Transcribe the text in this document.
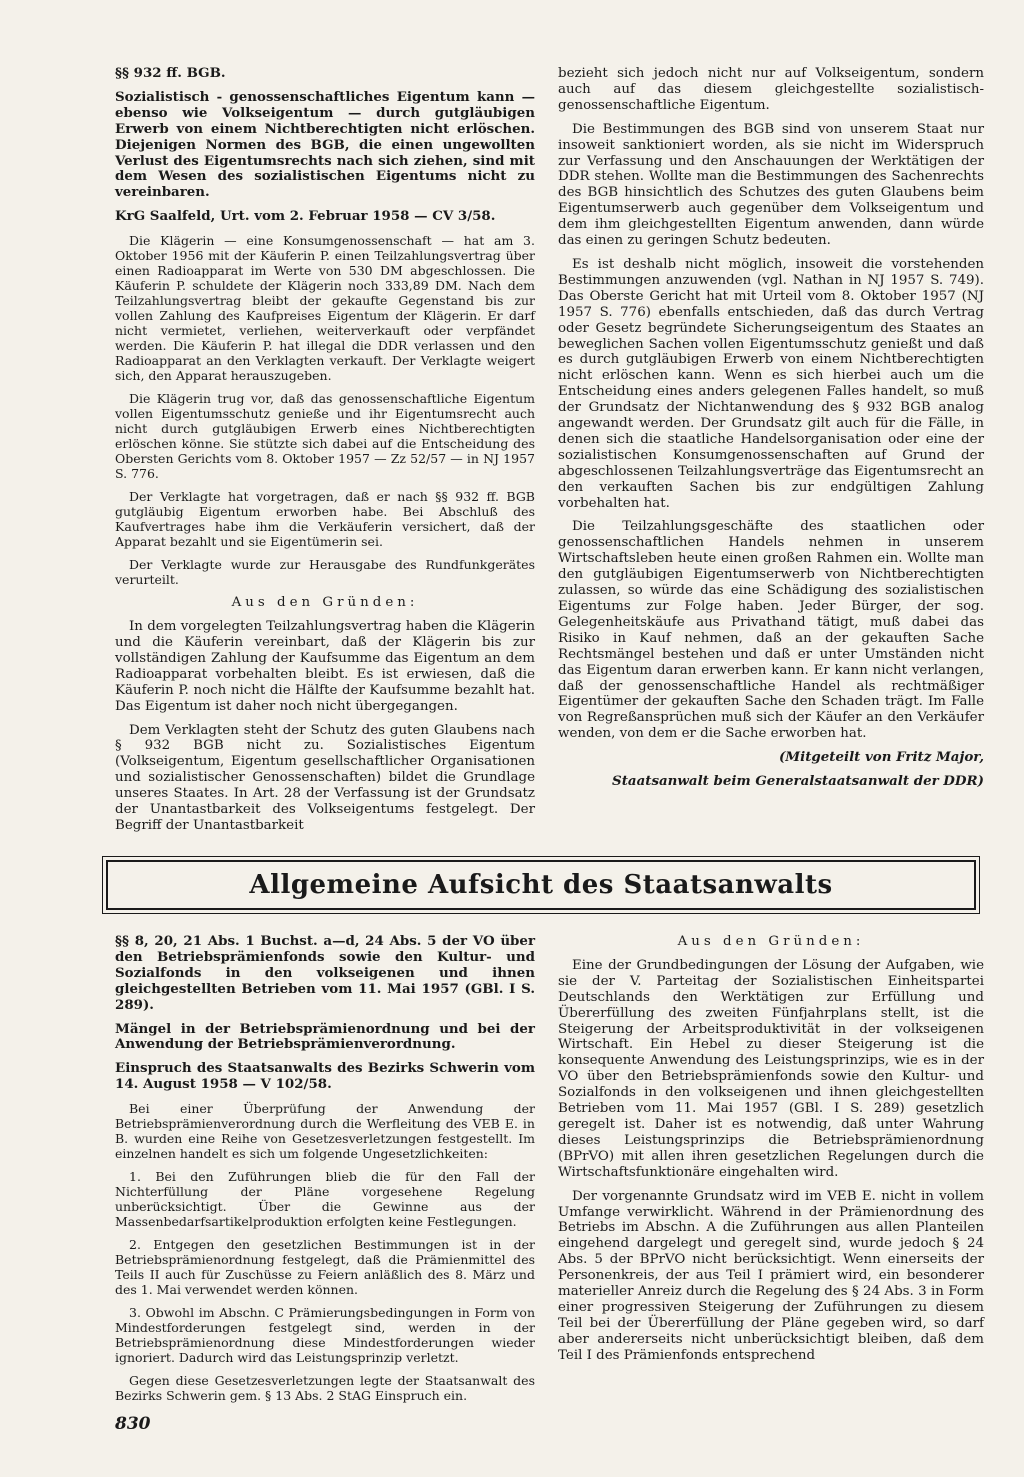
§§ 932 ff. BGB.

Sozialistisch - genossenschaftliches Eigentum kann — ebenso wie Volkseigentum — durch gutgläubigen Erwerb von einem Nichtberechtigten nicht erlöschen. Diejenigen Normen des BGB, die einen ungewollten Verlust des Eigentumsrechts nach sich ziehen, sind mit dem Wesen des sozialistischen Eigentums nicht zu vereinbaren.

KrG Saalfeld, Urt. vom 2. Februar 1958 — CV 3/58.

Die Klägerin — eine Konsumgenossenschaft — hat am 3. Oktober 1956 mit der Käuferin P. einen Teilzahlungsvertrag über einen Radioapparat im Werte von 530 DM abgeschlossen. Die Käuferin P. schuldete der Klägerin noch 333,89 DM. Nach dem Teilzahlungsvertrag bleibt der gekaufte Gegenstand bis zur vollen Zahlung des Kaufpreises Eigentum der Klägerin. Er darf nicht vermietet, verliehen, weiterverkauft oder verpfändet werden. Die Käuferin P. hat illegal die DDR verlassen und den Radioapparat an den Verklagten verkauft. Der Verklagte weigert sich, den Apparat herauszugeben.

Die Klägerin trug vor, daß das genossenschaftliche Eigentum vollen Eigentumsschutz genieße und ihr Eigentumsrecht auch nicht durch gutgläubigen Erwerb eines Nichtberechtigten erlöschen könne. Sie stützte sich dabei auf die Entscheidung des Obersten Gerichts vom 8. Oktober 1957 — Zz 52/57 — in NJ 1957 S. 776.

Der Verklagte hat vorgetragen, daß er nach §§ 932 ff. BGB gutgläubig Eigentum erworben habe. Bei Abschluß des Kaufvertrages habe ihm die Verkäuferin versichert, daß der Apparat bezahlt und sie Eigentümerin sei.

Der Verklagte wurde zur Herausgabe des Rundfunkgerätes verurteilt.

Aus den Gründen:

In dem vorgelegten Teilzahlungsvertrag haben die Klägerin und die Käuferin vereinbart, daß der Klägerin bis zur vollständigen Zahlung der Kaufsumme das Eigentum an dem Radioapparat vorbehalten bleibt. Es ist erwiesen, daß die Käuferin P. noch nicht die Hälfte der Kaufsumme bezahlt hat. Das Eigentum ist daher noch nicht übergegangen.

Dem Verklagten steht der Schutz des guten Glaubens nach § 932 BGB nicht zu. Sozialistisches Eigentum (Volkseigentum, Eigentum gesellschaftlicher Organisationen und sozialistischer Genossenschaften) bildet die Grundlage unseres Staates. In Art. 28 der Verfassung ist der Grundsatz der Unantastbarkeit des Volkseigentums festgelegt. Der Begriff der Unantastbarkeit

bezieht sich jedoch nicht nur auf Volkseigentum, sondern auch auf das diesem gleichgestellte sozialistisch-genossenschaftliche Eigentum.

Die Bestimmungen des BGB sind von unserem Staat nur insoweit sanktioniert worden, als sie nicht im Widerspruch zur Verfassung und den Anschauungen der Werktätigen der DDR stehen. Wollte man die Bestimmungen des Sachenrechts des BGB hinsichtlich des Schutzes des guten Glaubens beim Eigentumserwerb auch gegenüber dem Volkseigentum und dem ihm gleichgestellten Eigentum anwenden, dann würde das einen zu geringen Schutz bedeuten.

Es ist deshalb nicht möglich, insoweit die vorstehenden Bestimmungen anzuwenden (vgl. Nathan in NJ 1957 S. 749). Das Oberste Gericht hat mit Urteil vom 8. Oktober 1957 (NJ 1957 S. 776) ebenfalls entschieden, daß das durch Vertrag oder Gesetz begründete Sicherungseigentum des Staates an beweglichen Sachen vollen Eigentumsschutz genießt und daß es durch gutgläubigen Erwerb von einem Nichtberechtigten nicht erlöschen kann. Wenn es sich hierbei auch um die Entscheidung eines anders gelegenen Falles handelt, so muß der Grundsatz der Nichtanwendung des § 932 BGB analog angewandt werden. Der Grundsatz gilt auch für die Fälle, in denen sich die staatliche Handelsorganisation oder eine der sozialistischen Konsumgenossenschaften auf Grund der abgeschlossenen Teilzahlungsverträge das Eigentumsrecht an den verkauften Sachen bis zur endgültigen Zahlung vorbehalten hat.

Die Teilzahlungsgeschäfte des staatlichen oder genossenschaftlichen Handels nehmen in unserem Wirtschaftsleben heute einen großen Rahmen ein. Wollte man den gutgläubigen Eigentumserwerb von Nichtberechtigten zulassen, so würde das eine Schädigung des sozialistischen Eigentums zur Folge haben. Jeder Bürger, der sog. Gelegenheitskäufe aus Privathand tätigt, muß dabei das Risiko in Kauf nehmen, daß an der gekauften Sache Rechtsmängel bestehen und daß er unter Umständen nicht das Eigentum daran erwerben kann. Er kann nicht verlangen, daß der genossenschaftliche Handel als rechtmäßiger Eigentümer der gekauften Sache den Schaden trägt. Im Falle von Regreßansprüchen muß sich der Käufer an den Verkäufer wenden, von dem er die Sache erworben hat.

(Mitgeteilt von Fritz Major,

Staatsanwalt beim Generalstaatsanwalt der DDR)

Allgemeine Aufsicht des Staatsanwalts

§§ 8, 20, 21 Abs. 1 Buchst. a—d, 24 Abs. 5 der VO über den Betriebsprämienfonds sowie den Kultur- und Sozialfonds in den volkseigenen und ihnen gleichgestellten Betrieben vom 11. Mai 1957 (GBl. I S. 289).

Mängel in der Betriebsprämienordnung und bei der Anwendung der Betriebsprämienverordnung.

Einspruch des Staatsanwalts des Bezirks Schwerin vom 14. August 1958 — V 102/58.

Bei einer Überprüfung der Anwendung der Betriebsprämienverordnung durch die Werfleitung des VEB E. in B. wurden eine Reihe von Gesetzesverletzungen festgestellt. Im einzelnen handelt es sich um folgende Ungesetzlichkeiten:

1. Bei den Zuführungen blieb die für den Fall der Nichterfüllung der Pläne vorgesehene Regelung unberücksichtigt. Über die Gewinne aus der Massenbedarfsartikelproduktion erfolgten keine Festlegungen.

2. Entgegen den gesetzlichen Bestimmungen ist in der Betriebsprämienordnung festgelegt, daß die Prämienmittel des Teils II auch für Zuschüsse zu Feiern anläßlich des 8. März und des 1. Mai verwendet werden können.

3. Obwohl im Abschn. C Prämierungsbedingungen in Form von Mindestforderungen festgelegt sind, werden in der Betriebsprämienordnung diese Mindestforderungen wieder ignoriert. Dadurch wird das Leistungsprinzip verletzt.

Gegen diese Gesetzesverletzungen legte der Staatsanwalt des Bezirks Schwerin gem. § 13 Abs. 2 StAG Einspruch ein.

Aus den Gründen:

Eine der Grundbedingungen der Lösung der Aufgaben, wie sie der V. Parteitag der Sozialistischen Einheitspartei Deutschlands den Werktätigen zur Erfüllung und Übererfüllung des zweiten Fünfjahrplans stellt, ist die Steigerung der Arbeitsproduktivität in der volkseigenen Wirtschaft. Ein Hebel zu dieser Steigerung ist die konsequente Anwendung des Leistungsprinzips, wie es in der VO über den Betriebsprämienfonds sowie den Kultur- und Sozialfonds in den volkseigenen und ihnen gleichgestellten Betrieben vom 11. Mai 1957 (GBl. I S. 289) gesetzlich geregelt ist. Daher ist es notwendig, daß unter Wahrung dieses Leistungsprinzips die Betriebsprämienordnung (BPrVO) mit allen ihren gesetzlichen Regelungen durch die Wirtschaftsfunktionäre eingehalten wird.

Der vorgenannte Grundsatz wird im VEB E. nicht in vollem Umfange verwirklicht. Während in der Prämienordnung des Betriebs im Abschn. A die Zuführungen aus allen Planteilen eingehend dargelegt und geregelt sind, wurde jedoch § 24 Abs. 5 der BPrVO nicht berücksichtigt. Wenn einerseits der Personenkreis, der aus Teil I prämiert wird, ein besonderer materieller Anreiz durch die Regelung des § 24 Abs. 3 in Form einer progressiven Steigerung der Zuführungen zu diesem Teil bei der Übererfüllung der Pläne gegeben wird, so darf aber andererseits nicht unberücksichtigt bleiben, daß dem Teil I des Prämienfonds entsprechend

830
